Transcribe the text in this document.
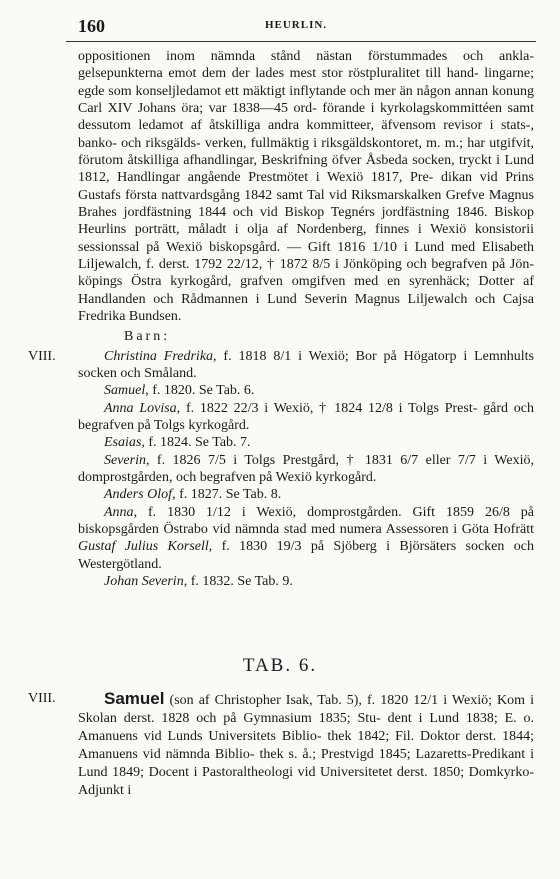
160	HEURLIN.

oppositionen inom nämnda stånd nästan förstummades och ankla- gelsepunkterna emot dem der lades mest stor röstpluralitet till hand- lingarne; egde som konseljledamot ett mäktigt inflytande och mer än någon annan konung Carl XIV Johans öra; var 1838—45 ord- förande i kyrkolagskommittéen samt dessutom ledamot af åtskilliga andra kommitteer, äfvensom revisor i stats-, banko- och riksgälds- verken, fullmäktig i riksgäldskontoret, m. m.; har utgifvit, förutom åtskilliga afhandlingar, Beskrifning öfver Åsbeda socken, tryckt i Lund 1812, Handlingar angående Prestmötet i Wexiö 1817, Pre- dikan vid Prins Gustafs första nattvardsgång 1842 samt Tal vid Riksmarskalken Grefve Magnus Brahes jordfästning 1844 och vid Biskop Tegnérs jordfästning 1846. Biskop Heurlins porträtt, måladt i olja af Nordenberg, finnes i Wexiö konsistorii sessionssal på Wexiö biskopsgård. — Gift 1816 1/10 i Lund med Elisabeth Liljewalch, f. derst. 1792 22/12, † 1872 8/5 i Jönköping och begrafven på Jön- köpings Östra kyrkogård, grafven omgifven med en syrenhäck; Dotter af Handlanden och Rådmannen i Lund Severin Magnus Liljewalch och Cajsa Fredrika Bundsen.

Barn:
VIII.	Christina Fredrika, f. 1818 8/1 i Wexiö; Bor på Högatorp i Lemnhults socken och Småland.

Samuel, f. 1820. Se Tab. 6.

Anna Lovisa, f. 1822 22/3 i Wexiö, † 1824 12/8 i Tolgs Prest- gård och begrafven på Tolgs kyrkogård.

Esaias, f. 1824. Se Tab. 7.

Severin, f. 1826 7/5 i Tolgs Prestgård, † 1831 6/7 eller 7/7 i Wexiö, domprostgården, och begrafven på Wexiö kyrkogård.

Anders Olof, f. 1827. Se Tab. 8.

Anna, f. 1830 1/12 i Wexiö, domprostgården. Gift 1859 26/8 på biskopsgården Östrabo vid nämnda stad med numera Assessoren i Göta Hofrätt Gustaf Julius Korsell, f. 1830 19/3 på Sjöberg i Björsäters socken och Westergötland.

Johan Severin, f. 1832. Se Tab. 9.

TAB. 6.
VIII.	Samuel (son af Christopher Isak, Tab. 5), f. 1820 12/1 i Wexiö; Kom i Skolan derst. 1828 och på Gymnasium 1835; Stu- dent i Lund 1838; E. o. Amanuens vid Lunds Universitets Biblio- thek 1842; Fil. Doktor derst. 1844; Amanuens vid nämnda Biblio- thek s. å.; Prestvigd 1845; Lazaretts-Predikant i Lund 1849; Docent i Pastoraltheologi vid Universitetet derst. 1850; Domkyrko-Adjunkt i
